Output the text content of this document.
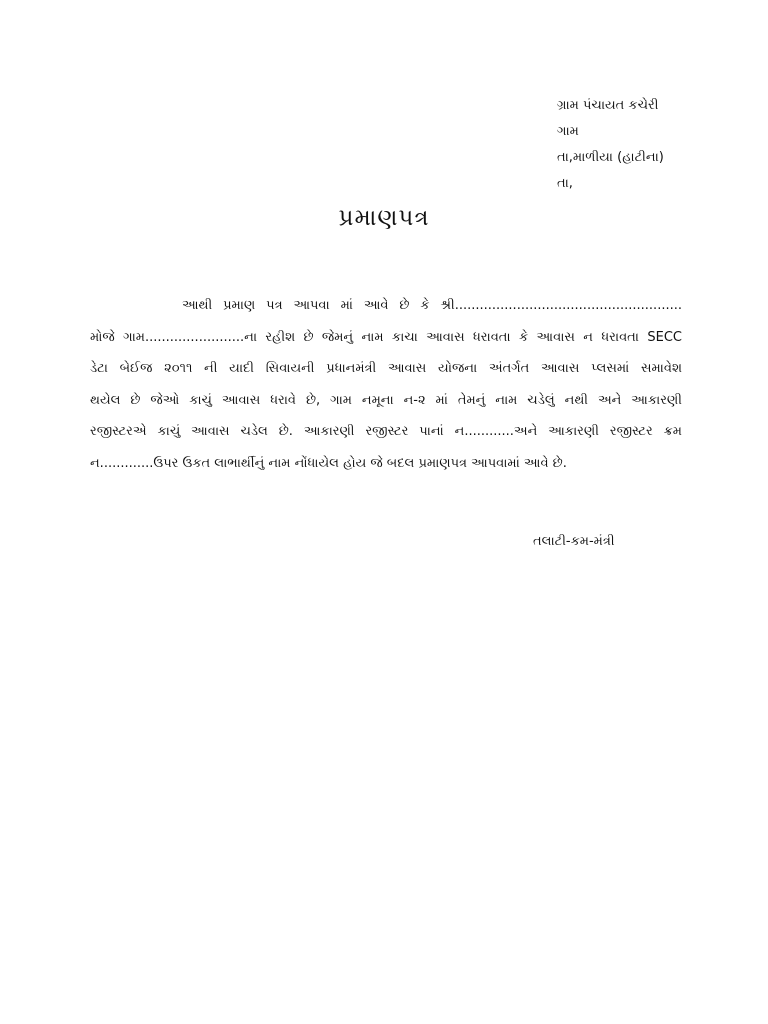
ગ્રામ પંચાયત કચેરી
ગામ
તા,માળીયા (હાટીના)
તા,
પ્રમાણપત્ર
આથી પ્રમાણ પત્ર આપવા માં આવે છે કે શ્રી.......................................................
મોજે ગામ........................ના રહીશ છે જેમનું નામ કાચા આવાસ ધરાવતા કે આવાસ ન ધરાવતા SECC
ડેટા બેઈજ ૨૦૧૧ ની યાદી સિવાયની પ્રધાનમંત્રી આવાસ યોજના અંતર્ગત આવાસ પ્લસમાં સમાવેશ
થયેલ છે જેઓ કાચું આવાસ ધરાવે છે, ગામ નમૂના ન-૨ માં તેમનું નામ ચડેલું નથી અને આકારણી
રજીસ્ટરએ કાચું આવાસ ચડેલ છે. આકારણી રજીસ્ટર પાનાં ન............અને આકારણી રજીસ્ટર ક્રમ
ન.............ઉપર ઉકત લાભાર્થીનું નામ નોંધાયેલ હોય જે બદલ પ્રમાણપત્ર આપવામાં આવે છે.
તલાટી-કમ-મંત્રી
